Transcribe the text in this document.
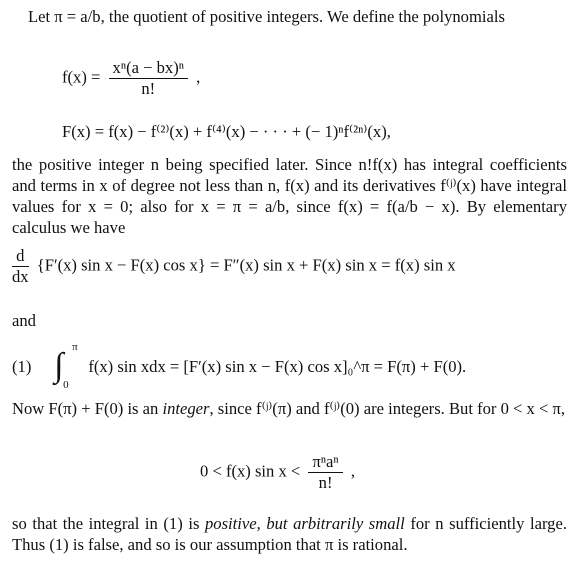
Let π = a/b, the quotient of positive integers. We define the polynomials
$f(x) = \frac{\text{xⁿ(a − bx)ⁿ}}{n!}$ ,
F(x) = f(x) − f⁽²⁾(x) + f⁽⁴⁾(x) − · · · + (− 1)ⁿf⁽²ⁿ⁾(x),
the positive integer n being specified later. Since n!f(x) has integral coefficients and terms in x of degree not less than n, f(x) and its derivatives f⁽ʲ⁾(x) have integral values for x = 0; also for x = π = a/b, since f(x) = f(a/b − x). By elementary calculus we have
$\frac{d}{dx} \{F'(x)$ sin x − F(x) cos x} = F″(x) sin x + F(x) sin x = f(x) sin x
and
(1) ∫ π
0
f(x) sin xdx = [F′(x) sin x − F(x) cos x]₀^π = F(π) + F(0).
Now F(π) + F(0) is an integer, since f⁽ʲ⁾(π) and f⁽ʲ⁾(0) are integers. But for 0 < x < π,
0 < f(x) $\sin x < \frac{\text{πⁿaⁿ}}{n!}$ ,
so that the integral in (1) is positive, but arbitrarily small for n sufficiently large. Thus (1) is false, and so is our assumption that π is rational.
